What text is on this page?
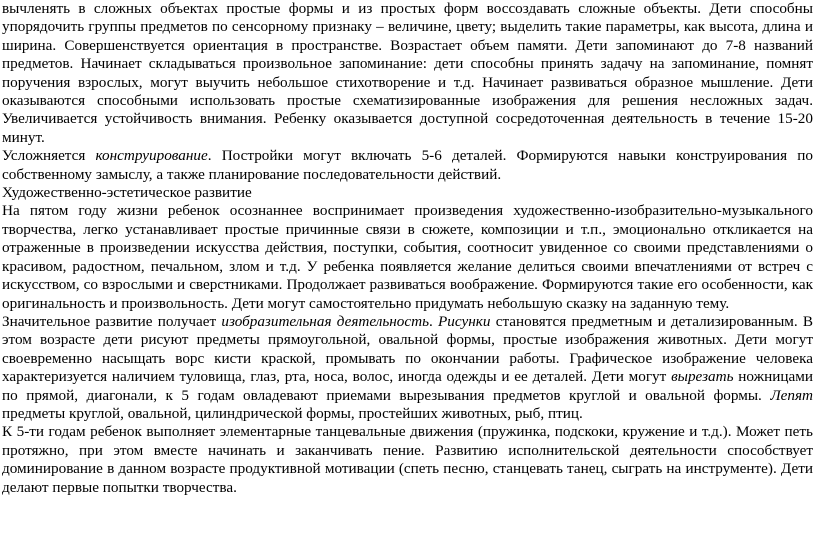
вычленять в сложных объектах простые формы и из простых форм воссоздавать сложные объекты. Дети способны упорядочить группы предметов по сенсорному признаку – величине, цвету; выделить такие параметры, как высота, длина и ширина. Совершенствуется ориентация в пространстве. Возрастает объем памяти. Дети запоминают до 7-8 названий предметов. Начинает складываться произвольное запоминание: дети способны принять задачу на запоминание, помнят поручения взрослых, могут выучить небольшое стихотворение и т.д. Начинает развиваться образное мышление. Дети оказываются способными использовать простые схематизированные изображения для решения несложных задач. Увеличивается устойчивость внимания. Ребенку оказывается доступной сосредоточенная деятельность в течение 15-20 минут.

Усложняется конструирование. Постройки могут включать 5-6 деталей. Формируются навыки конструирования по собственному замыслу, а также планирование последовательности действий.

Художественно-эстетическое развитие

На пятом году жизни ребенок осознаннее воспринимает произведения художественно-изобразительно-музыкального творчества, легко устанавливает простые причинные связи в сюжете, композиции и т.п., эмоционально откликается на отраженные в произведении искусства действия, поступки, события, соотносит увиденное со своими представлениями о красивом, радостном, печальном, злом и т.д. У ребенка появляется желание делиться своими впечатлениями от встреч с искусством, со взрослыми и сверстниками. Продолжает развиваться воображение. Формируются такие его особенности, как оригинальность и произвольность. Дети могут самостоятельно придумать небольшую сказку на заданную тему.

Значительное развитие получает изобразительная деятельность. Рисунки становятся предметным и детализированным. В этом возрасте дети рисуют предметы прямоугольной, овальной формы, простые изображения животных. Дети могут своевременно насыщать ворс кисти краской, промывать по окончании работы. Графическое изображение человека характеризуется наличием туловища, глаз, рта, носа, волос, иногда одежды и ее деталей. Дети могут вырезать ножницами по прямой, диагонали, к 5 годам овладевают приемами вырезывания предметов круглой и овальной формы. Лепят предметы круглой, овальной, цилиндрической формы, простейших животных, рыб, птиц.

К 5-ти годам ребенок выполняет элементарные танцевальные движения (пружинка, подскоки, кружение и т.д.). Может петь протяжно, при этом вместе начинать и заканчивать пение. Развитию исполнительской деятельности способствует доминирование в данном возрасте продуктивной мотивации (спеть песню, станцевать танец, сыграть на инструменте). Дети делают первые попытки творчества.
